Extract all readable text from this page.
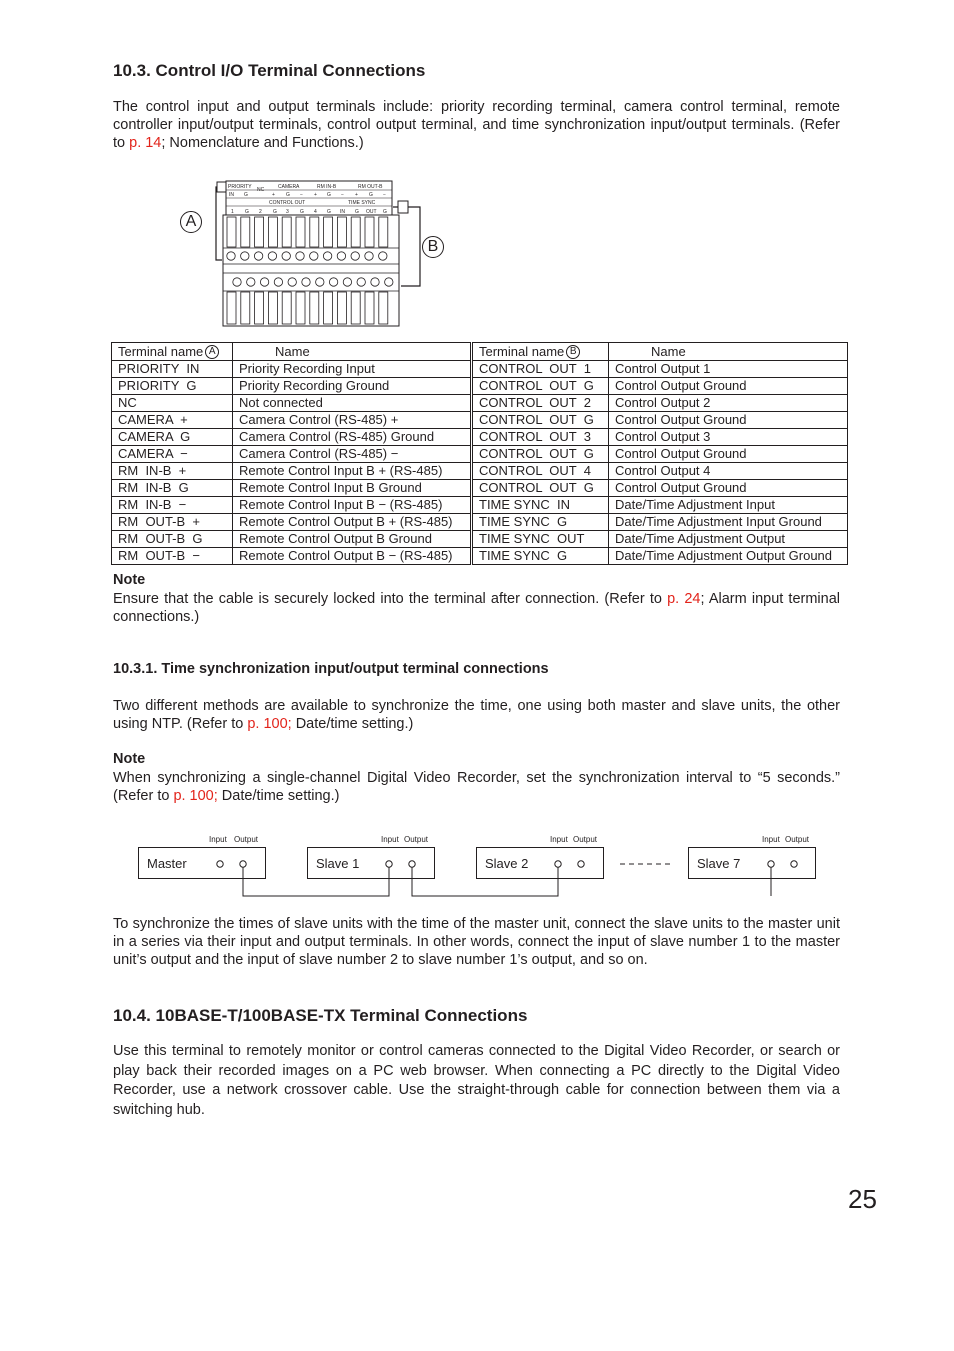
10.3. Control I/O Terminal Connections
The control input and output terminals include: priority recording terminal, camera control terminal, remote controller input/output terminals, control output terminal, and time synchronization input/output terminals. (Refer to p. 14; Nomenclature and Functions.)
PRIORITY NC	CAMERA	RM IN-B	RM OUT-B
IN G	+ G − + G − + G −
CONTROL OUT	TIME SYNC
1 G 2 G 3 G 4 G IN G OUT G
A
B
Terminal name A	Name
PRIORITY  IN	Priority Recording Input
PRIORITY  G	Priority Recording Ground
NC	Not connected
CAMERA  +	Camera Control (RS-485) +
CAMERA  G	Camera Control (RS-485) Ground
CAMERA  −	Camera Control (RS-485) −
RM  IN-B  +	Remote Control Input B + (RS-485)
RM  IN-B  G	Remote Control Input B Ground
RM  IN-B  −	Remote Control Input B − (RS-485)
RM  OUT-B  +	Remote Control Output B + (RS-485)
RM  OUT-B  G	Remote Control Output B Ground
RM  OUT-B  −	Remote Control Output B − (RS-485)
Terminal name B	Name
CONTROL  OUT  1	Control Output 1
CONTROL  OUT  G	Control Output Ground
CONTROL  OUT  2	Control Output 2
CONTROL  OUT  G	Control Output Ground
CONTROL  OUT  3	Control Output 3
CONTROL  OUT  G	Control Output Ground
CONTROL  OUT  4	Control Output 4
CONTROL  OUT  G	Control Output Ground
TIME SYNC  IN	Date/Time Adjustment Input
TIME SYNC  G	Date/Time Adjustment Input Ground
TIME SYNC  OUT	Date/Time Adjustment Output
TIME SYNC  G	Date/Time Adjustment Output Ground
Note
Ensure that the cable is securely locked into the terminal after connection. (Refer to p. 24; Alarm input terminal connections.)
10.3.1. Time synchronization input/output terminal connections
Two different methods are available to synchronize the time, one using both master and slave units, the other using NTP. (Refer to p. 100; Date/time setting.)
Note
When synchronizing a single-channel Digital Video Recorder, set the synchronization interval to “5 seconds.” (Refer to p. 100; Date/time setting.)
Input Output
Master
Input Output
Slave 1
Input Output
Slave 2
Input Output
Slave 7
To synchronize the times of slave units with the time of the master unit, connect the slave units to the master unit in a series via their input and output terminals. In other words, connect the input of slave number 1 to the master unit’s output and the input of slave number 2 to slave number 1’s output, and so on.
10.4. 10BASE-T/100BASE-TX Terminal Connections
Use this terminal to remotely monitor or control cameras connected to the Digital Video Recorder, or search or play back their recorded images on a PC web browser. When connecting a PC directly to the Digital Video Recorder, use a network crossover cable. Use the straight-through cable for connection between them via a switching hub.
25
